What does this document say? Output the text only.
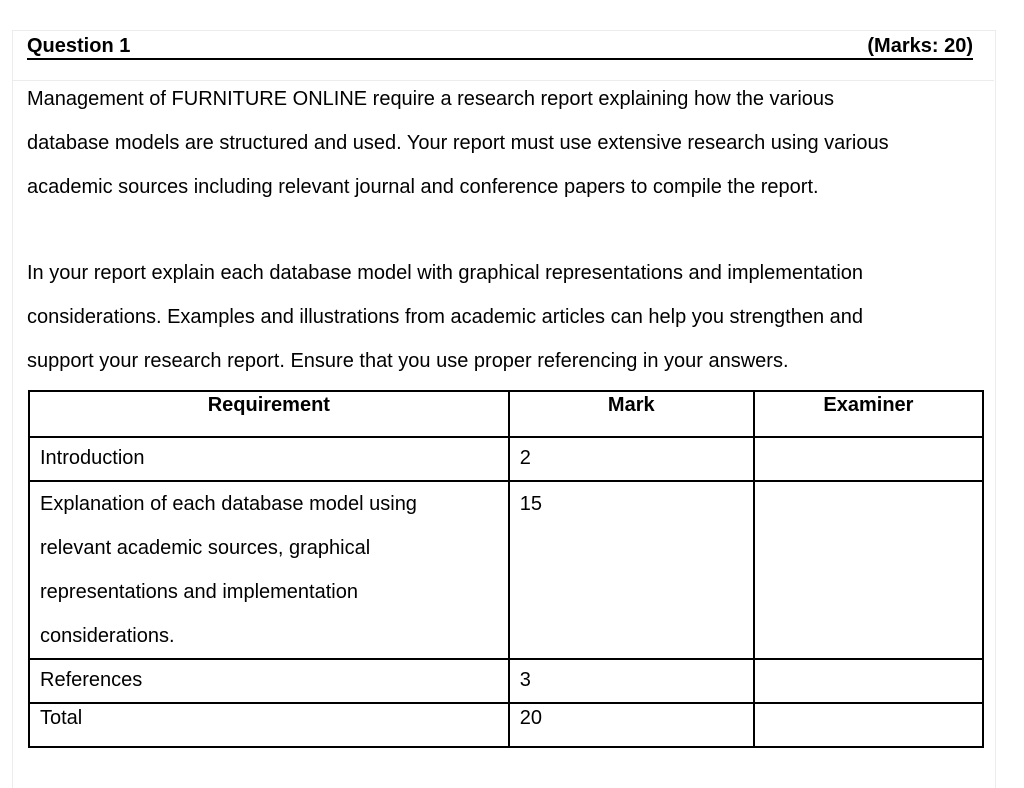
Question 1	(Marks: 20)

Management of FURNITURE ONLINE require a research report explaining how the various

database models are structured and used. Your report must use extensive research using various

academic sources including relevant journal and conference papers to compile the report.

In your report explain each database model with graphical representations and implementation

considerations. Examples and illustrations from academic articles can help you strengthen and

support your research report. Ensure that you use proper referencing in your answers.

Requirement	Mark	Examiner
Introduction	2	

Explanation of each database model using
relevant academic sources, graphical
representations and implementation
considerations.	15	
References	3	
Total	20	
